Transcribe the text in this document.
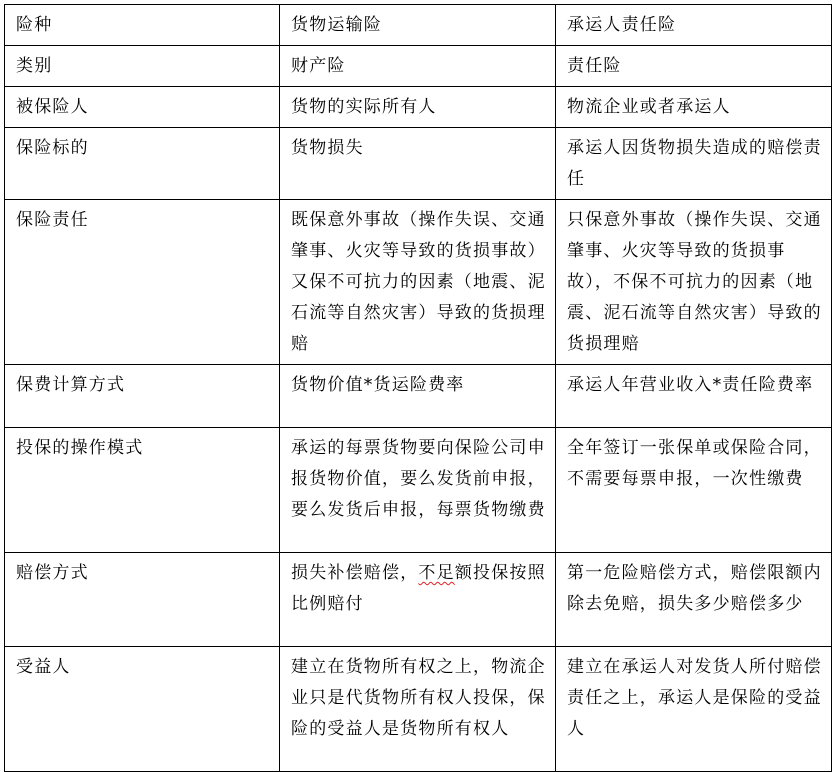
险种	货物运输险	承运人责任险
类别	财产险	责任险
被保险人	货物的实际所有人	物流企业或者承运人
保险标的	货物损失	承运人因货物损失造成的赔偿责任
保险责任	既保意外事故（操作失误、交通肇事、火灾等导致的货损事故）又保不可抗力的因素（地震、泥石流等自然灾害）导致的货损理赔	只保意外事故（操作失误、交通肇事、火灾等导致的货损事故），不保不可抗力的因素（地震、泥石流等自然灾害）导致的货损理赔
保费计算方式	货物价值*货运险费率	承运人年营业收入*责任险费率
投保的操作模式	承运的每票货物要向保险公司申报货物价值，要么发货前申报，要么发货后申报，每票货物缴费	全年签订一张保单或保险合同，不需要每票申报，一次性缴费
赔偿方式	损失补偿赔偿，不足额投保按照比例赔付	第一危险赔偿方式，赔偿限额内除去免赔，损失多少赔偿多少
受益人	建立在货物所有权之上，物流企业只是代货物所有权人投保，保险的受益人是货物所有权人	建立在承运人对发货人所付赔偿责任之上，承运人是保险的受益人
